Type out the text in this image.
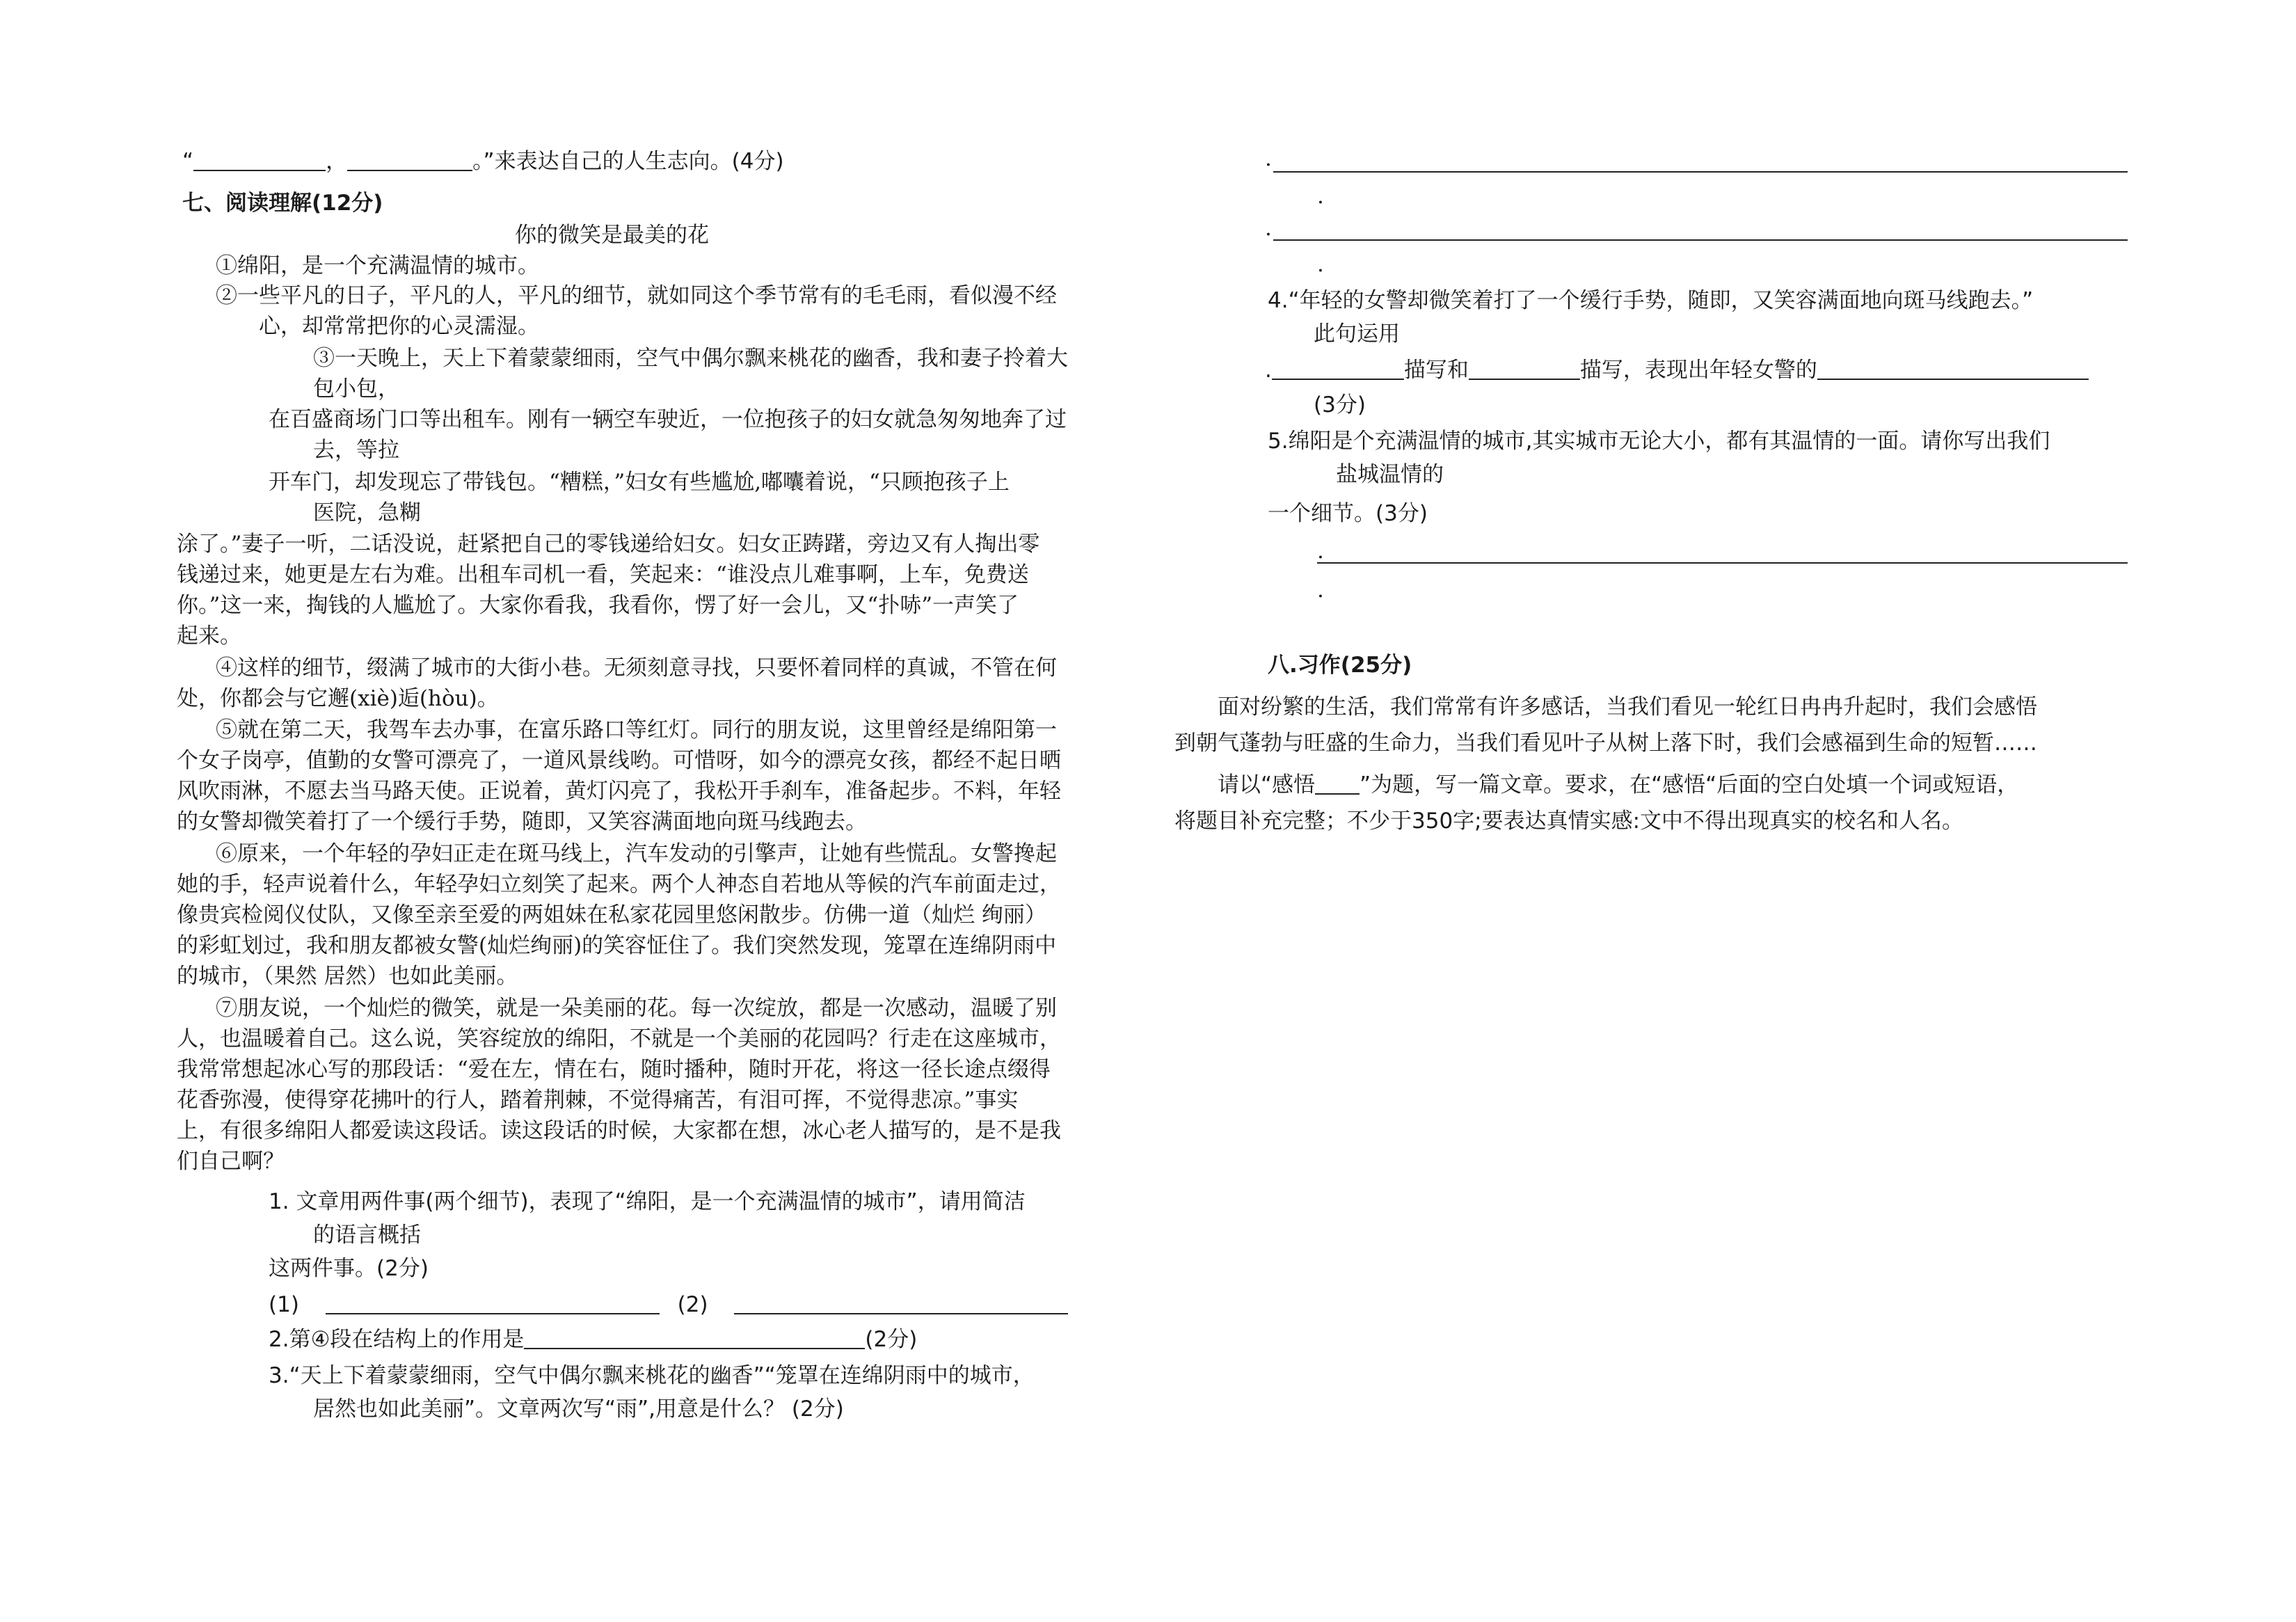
“	，	。”来表达自己的人生志向。(4分)
七、阅读理解(12分)
你的微笑是最美的花
①绵阳，是一个充满温情的城市。
②一些平凡的日子，平凡的人，平凡的细节，就如同这个季节常有的毛毛雨，看似漫不经
心，却常常把你的心灵濡湿。
③一天晚上，天上下着蒙蒙细雨，空气中偶尔飘来桃花的幽香，我和妻子拎着大
包小包，
在百盛商场门口等出租车。刚有一辆空车驶近，一位抱孩子的妇女就急匆匆地奔了过
去，等拉
开车门，却发现忘了带钱包。“糟糕，”妇女有些尴尬,嘟囔着说，“只顾抱孩子上
医院，急糊
涂了。”妻子一听，二话没说，赶紧把自己的零钱递给妇女。妇女正踌躇，旁边又有人掏出零
钱递过来，她更是左右为难。出租车司机一看，笑起来：“谁没点儿难事啊，上车，免费送
你。”这一来，掏钱的人尴尬了。大家你看我，我看你，愣了好一会儿，又“扑哧”一声笑了
起来。
④这样的细节，缀满了城市的大街小巷。无须刻意寻找，只要怀着同样的真诚，不管在何
处，你都会与它邂(xiè)逅(hòu)。
⑤就在第二天，我驾车去办事，在富乐路口等红灯。同行的朋友说，这里曾经是绵阳第一
个女子岗亭，值勤的女警可漂亮了，一道风景线哟。可惜呀，如今的漂亮女孩，都经不起日晒
风吹雨淋，不愿去当马路天使。正说着，黄灯闪亮了，我松开手刹车，准备起步。不料，年轻
的女警却微笑着打了一个缓行手势，随即，又笑容满面地向斑马线跑去。
⑥原来，一个年轻的孕妇正走在斑马线上，汽车发动的引擎声，让她有些慌乱。女警搀起
她的手，轻声说着什么，年轻孕妇立刻笑了起来。两个人神态自若地从等候的汽车前面走过，
像贵宾检阅仪仗队，又像至亲至爱的两姐妹在私家花园里悠闲散步。仿佛一道（灿烂 绚丽）
的彩虹划过，我和朋友都被女警(灿烂绚丽)的笑容怔住了。我们突然发现，笼罩在连绵阴雨中
的城市，（果然 居然）也如此美丽。
⑦朋友说，一个灿烂的微笑，就是一朵美丽的花。每一次绽放，都是一次感动，温暖了别
人，也温暖着自己。这么说，笑容绽放的绵阳，不就是一个美丽的花园吗？行走在这座城市，
我常常想起冰心写的那段话：“爱在左，情在右，随时播种，随时开花，将这一径长途点缀得
花香弥漫，使得穿花拂叶的行人，踏着荆棘，不觉得痛苦，有泪可挥，不觉得悲凉。”事实
上，有很多绵阳人都爱读这段话。读这段话的时候，大家都在想，冰心老人描写的，是不是我
们自己啊？
1. 文章用两件事(两个细节)，表现了“绵阳，是一个充满温情的城市”，请用简洁
的语言概括
这两件事。(2分)
(1)	(2)
2.第④段在结构上的作用是	(2分)
3.“天上下着蒙蒙细雨，空气中偶尔飘来桃花的幽香”“笼罩在连绵阴雨中的城市，
居然也如此美丽”。文章两次写“雨”,用意是什么？ (2分)
.
.
.
.
4.“年轻的女警却微笑着打了一个缓行手势，随即，又笑容满面地向斑马线跑去。”
此句运用
.	描写和	描写，表现出年轻女警的
(3分)
5.绵阳是个充满温情的城市,其实城市无论大小，都有其温情的一面。请你写出我们
盐城温情的
一个细节。(3分)
.
.
八.习作(25分)
面对纷繁的生活，我们常常有许多感话，当我们看见一轮红日冉冉升起时，我们会感悟
到朝气蓬勃与旺盛的生命力，当我们看见叶子从树上落下时，我们会感福到生命的短暂……
请以“感悟 ”为题，写一篇文章。要求，在“感悟“后面的空白处填一个词或短语，
将题目补充完整；不少于350字;要表达真情实感:文中不得出现真实的校名和人名。
